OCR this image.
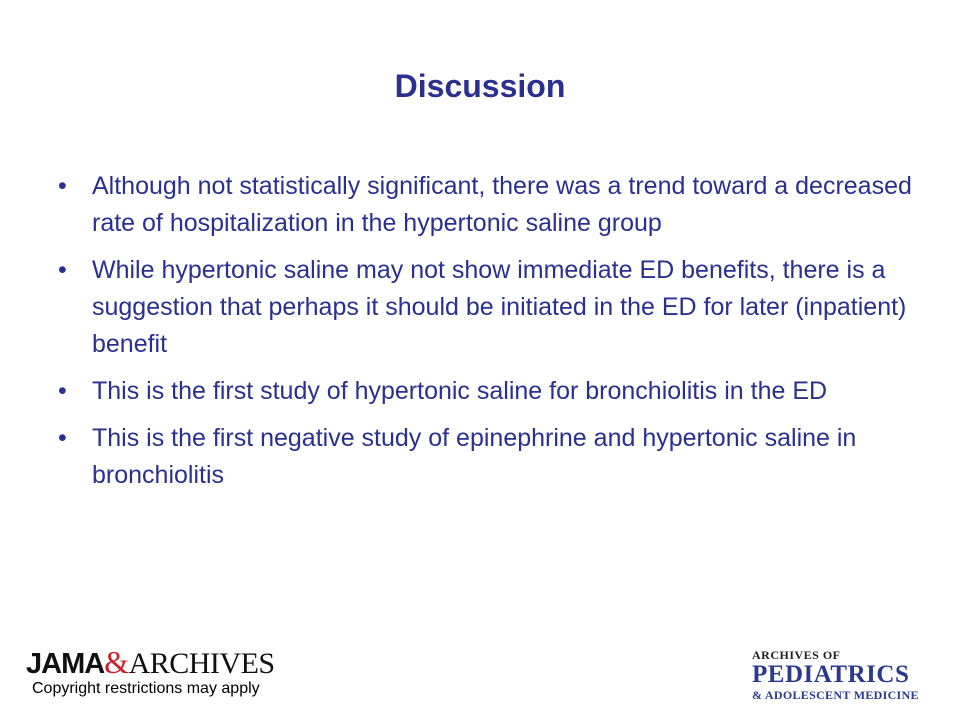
Discussion
•	Although not statistically significant, there was a trend toward a decreased rate of hospitalization in the hypertonic saline group
•	While hypertonic saline may not show immediate ED benefits, there is a suggestion that perhaps it should be initiated in the ED for later (inpatient) benefit
•	This is the first study of hypertonic saline for bronchiolitis in the ED
•	This is the first negative study of epinephrine and hypertonic saline in bronchiolitis
JAMA&ARCHIVES
Copyright restrictions may apply
ARCHIVES OF
PEDIATRICS
& ADOLESCENT MEDICINE
